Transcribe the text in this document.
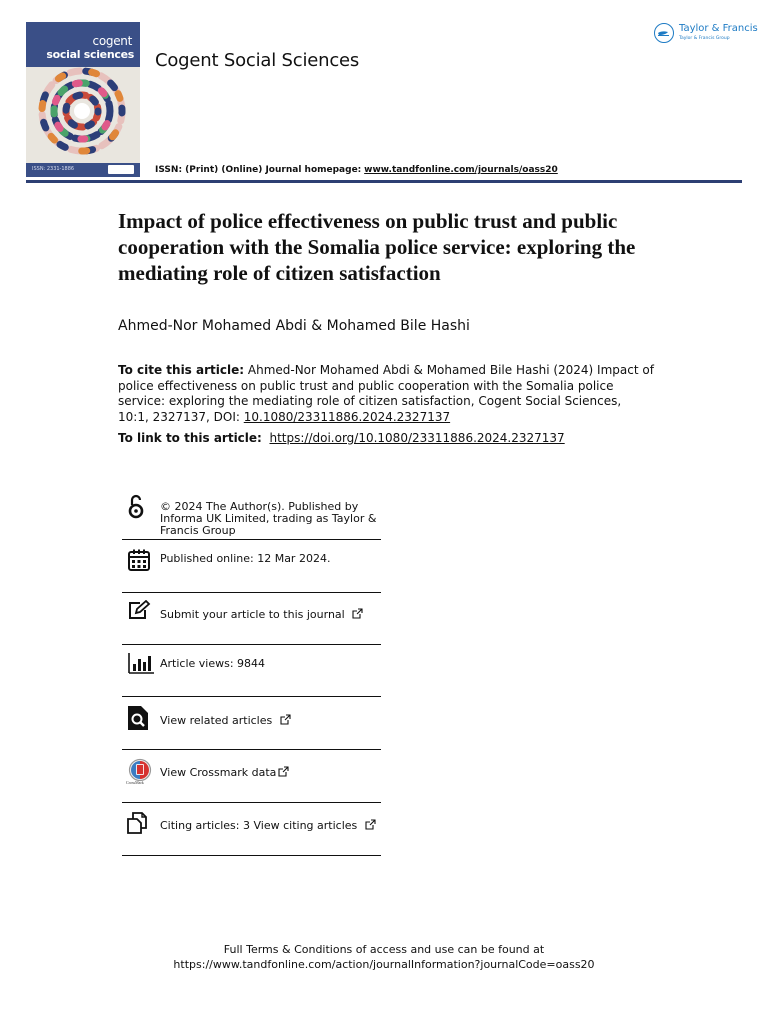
cogent
social sciences
ISSN: 2331-1886
Cogent Social Sciences
ISSN: (Print) (Online) Journal homepage: www.tandfonline.com/journals/oass20
Taylor & Francis
Taylor & Francis Group
Impact of police effectiveness on public trust and public cooperation with the Somalia police service: exploring the mediating role of citizen satisfaction
Ahmed-Nor Mohamed Abdi & Mohamed Bile Hashi
To cite this article: Ahmed-Nor Mohamed Abdi & Mohamed Bile Hashi (2024) Impact of police effectiveness on public trust and public cooperation with the Somalia police service: exploring the mediating role of citizen satisfaction, Cogent Social Sciences, 10:1, 2327137, DOI: 10.1080/23311886.2024.2327137
To link to this article: https://doi.org/10.1080/23311886.2024.2327137
© 2024 The Author(s). Published by Informa UK Limited, trading as Taylor & Francis Group
Published online: 12 Mar 2024.
Submit your article to this journal
Article views: 9844
View related articles
CrossMark
View Crossmark data
Citing articles: 3 View citing articles
Full Terms & Conditions of access and use can be found at
https://www.tandfonline.com/action/journalInformation?journalCode=oass20
